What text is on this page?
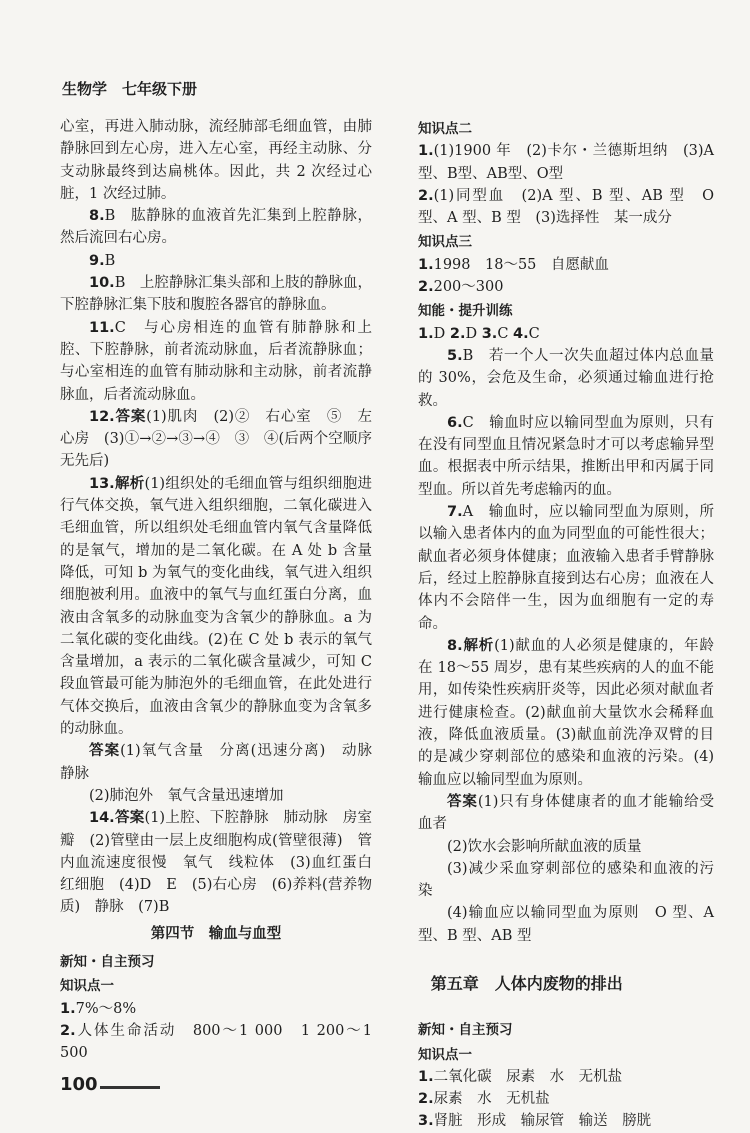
生物学　七年级下册

心室，再进入肺动脉，流经肺部毛细血管，由肺静脉回到左心房，进入左心室，再经主动脉、分支动脉最终到达扁桃体。因此，共 2 次经过心脏，1 次经过肺。

8.B　肱静脉的血液首先汇集到上腔静脉，然后流回右心房。

9.B

10.B　上腔静脉汇集头部和上肢的静脉血，下腔静脉汇集下肢和腹腔各器官的静脉血。

11.C　与心房相连的血管有肺静脉和上腔、下腔静脉，前者流动脉血，后者流静脉血；与心室相连的血管有肺动脉和主动脉，前者流静脉血，后者流动脉血。

12.答案(1)肌肉　(2)②　右心室　⑤　左心房　(3)①→②→③→④　③　④(后两个空顺序无先后)

13.解析(1)组织处的毛细血管与组织细胞进行气体交换，氧气进入组织细胞，二氧化碳进入毛细血管，所以组织处毛细血管内氧气含量降低的是氧气，增加的是二氧化碳。在 A 处 b 含量降低，可知 b 为氧气的变化曲线，氧气进入组织细胞被利用。血液中的氧气与血红蛋白分离，血液由含氧多的动脉血变为含氧少的静脉血。a 为二氧化碳的变化曲线。(2)在 C 处 b 表示的氧气含量增加，a 表示的二氧化碳含量减少，可知 C 段血管最可能为肺泡外的毛细血管，在此处进行气体交换后，血液由含氧少的静脉血变为含氧多的动脉血。

答案(1)氧气含量　分离(迅速分离)　动脉　静脉

(2)肺泡外　氧气含量迅速增加

14.答案(1)上腔、下腔静脉　肺动脉　房室瓣　(2)管壁由一层上皮细胞构成(管壁很薄)　管内血流速度很慢　氧气　线粒体　(3)血红蛋白　红细胞　(4)D　E　(5)右心房　(6)养料(营养物质)　静脉　(7)B

第四节　输血与血型

新知・自主预习

知识点一

1.7%～8%

2.人体生命活动　800～1 000　1 200～1 500

知识点二

1.(1)1900 年　(2)卡尔・兰德斯坦纳　(3)A型、B型、AB型、O型

2.(1)同型血　(2)A 型、B 型、AB 型　O 型、A 型、B 型　(3)选择性　某一成分

知识点三

1.1998　18～55　自愿献血

2.200～300

知能・提升训练

1.D 2.D 3.C 4.C

5.B　若一个人一次失血超过体内总血量的 30%，会危及生命，必须通过输血进行抢救。

6.C　输血时应以输同型血为原则，只有在没有同型血且情况紧急时才可以考虑输异型血。根据表中所示结果，推断出甲和丙属于同型血。所以首先考虑输丙的血。

7.A　输血时，应以输同型血为原则，所以输入患者体内的血为同型血的可能性很大；献血者必须身体健康；血液输入患者手臂静脉后，经过上腔静脉直接到达右心房；血液在人体内不会陪伴一生，因为血细胞有一定的寿命。

8.解析(1)献血的人必须是健康的，年龄在 18～55 周岁，患有某些疾病的人的血不能用，如传染性疾病肝炎等，因此必须对献血者进行健康检查。(2)献血前大量饮水会稀释血液，降低血液质量。(3)献血前洗净双臂的目的是减少穿刺部位的感染和血液的污染。(4)输血应以输同型血为原则。

答案(1)只有身体健康者的血才能输给受血者

(2)饮水会影响所献血液的质量

(3)减少采血穿刺部位的感染和血液的污染

(4)输血应以输同型血为原则　O 型、A 型、B 型、AB 型

第五章　人体内废物的排出

新知・自主预习

知识点一

1.二氧化碳　尿素　水　无机盐

2.尿素　水　无机盐

3.肾脏　形成　输尿管　输送　膀胱

100
